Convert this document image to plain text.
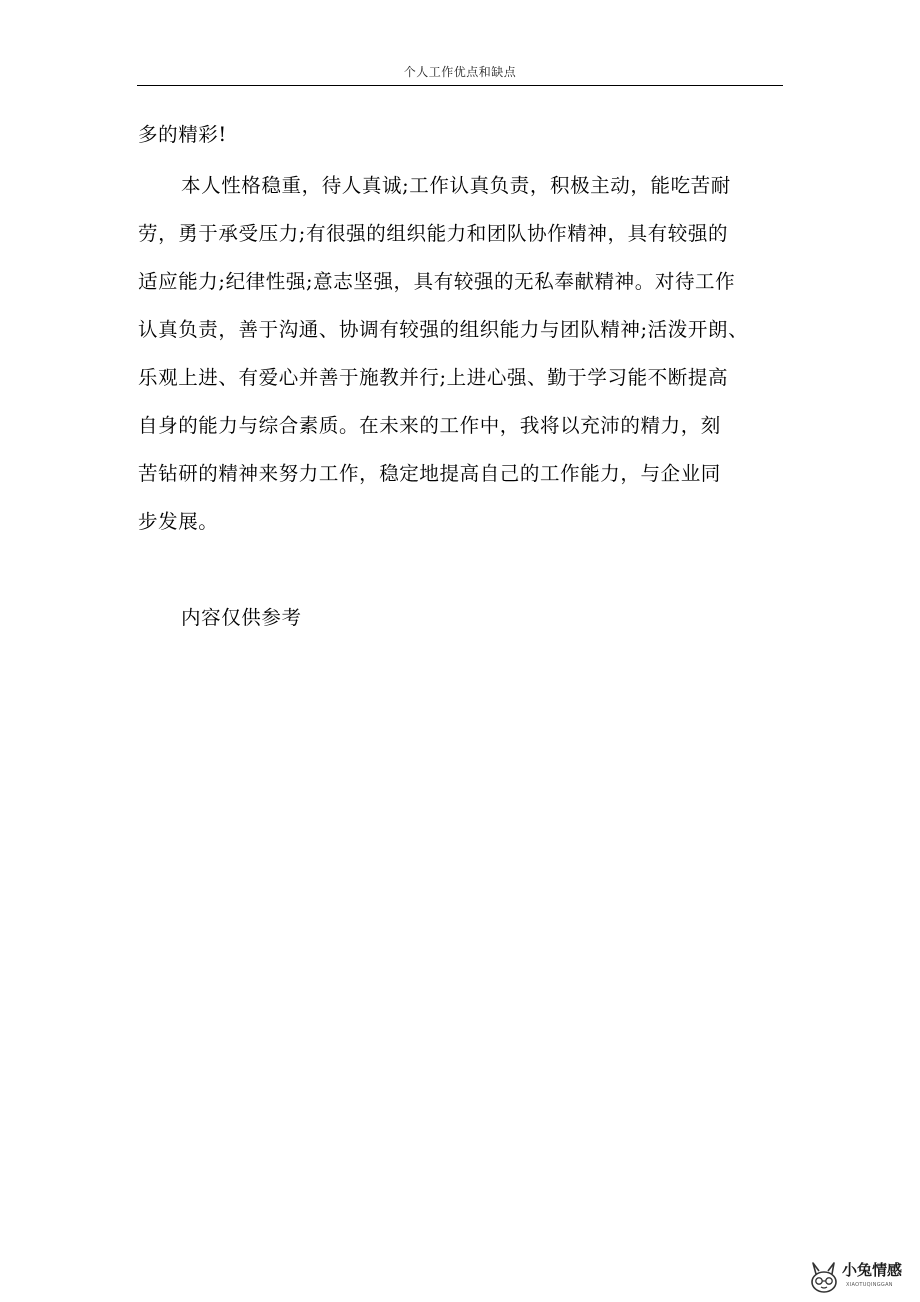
个人工作优点和缺点
多的精彩!
本人性格稳重，待人真诚;工作认真负责，积极主动，能吃苦耐
劳，勇于承受压力;有很强的组织能力和团队协作精神，具有较强的
适应能力;纪律性强;意志坚强，具有较强的无私奉献精神。对待工作
认真负责，善于沟通、协调有较强的组织能力与团队精神;活泼开朗、
乐观上进、有爱心并善于施教并行;上进心强、勤于学习能不断提高
自身的能力与综合素质。在未来的工作中，我将以充沛的精力，刻
苦钻研的精神来努力工作，稳定地提高自己的工作能力，与企业同
步发展。
内容仅供参考
小兔情感
XIAOTUQINGGAN
